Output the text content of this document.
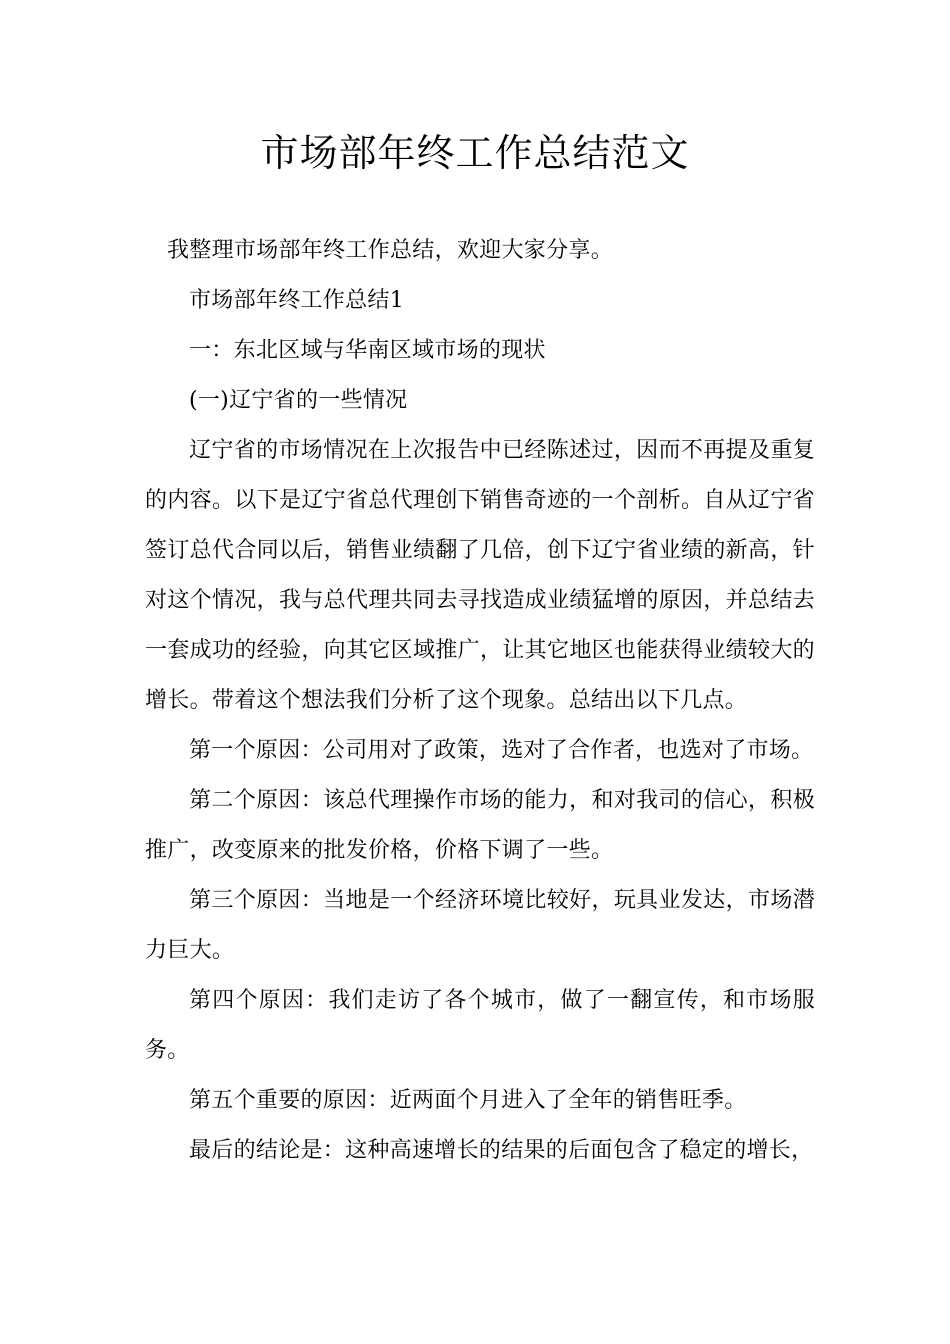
市场部年终工作总结范文

我整理市场部年终工作总结，欢迎大家分享。

市场部年终工作总结1

一：东北区域与华南区域市场的现状

(一)辽宁省的一些情况

辽宁省的市场情况在上次报告中已经陈述过，因而不再提及重复的内容。以下是辽宁省总代理创下销售奇迹的一个剖析。自从辽宁省签订总代合同以后，销售业绩翻了几倍，创下辽宁省业绩的新高，针对这个情况，我与总代理共同去寻找造成业绩猛增的原因，并总结去一套成功的经验，向其它区域推广，让其它地区也能获得业绩较大的增长。带着这个想法我们分析了这个现象。总结出以下几点。

第一个原因：公司用对了政策，选对了合作者，也选对了市场。

第二个原因：该总代理操作市场的能力，和对我司的信心，积极推广，改变原来的批发价格，价格下调了一些。

第三个原因：当地是一个经济环境比较好，玩具业发达，市场潜力巨大。

第四个原因：我们走访了各个城市，做了一翻宣传，和市场服务。

第五个重要的原因：近两面个月进入了全年的销售旺季。

最后的结论是：这种高速增长的结果的后面包含了稳定的增长，
